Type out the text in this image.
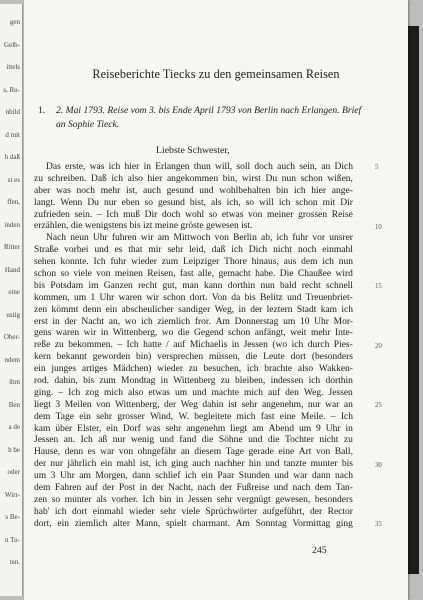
gen
Gelb-
ittels
s, Ru-
nbild
d mit
h daß
st es
ffen,
inden
Ritter
Hand
eine
ustig
Ober-
ndem
ihm
Ben
a de
h be
oder
Wirr-
s Be-
n Tu-
ten.
Reiseberichte Tiecks zu den gemeinsamen Reisen
1. 2. Mai 1793. Reise vom 3. bis Ende April 1793 von Berlin nach Erlangen. Brief
an Sophie Tieck.
Liebste Schwester,
Das erste, was ich hier in Erlangen thun will, soll doch auch sein, an Dich
zu schreiben. Daß ich also hier angekommen bin, wirst Du nun schon wißen,
aber was noch mehr ist, auch gesund und wohlbehalten bin ich hier ange-
langt. Wenn Du nur eben so gesund bist, als ich, so will ich schon mit Dir
zufrieden sein. – Ich muß Dir doch wohl so etwas von meiner grossen Reise
erzählen, die wenigstens bis izt meine gröste gewesen ist.
Nach neun Uhr fuhren wir am Mittwoch von Berlin ab, ich fuhr vor unsrer
Straße vorbei und es that mir sehr leid, daß ich Dich nicht noch einmahl
sehen konnte. Ich fuhr wieder zum Leipziger Thore hinaus, aus dem ich nun
schon so viele von meinen Reisen, fast alle, gemacht habe. Die Chaußee wird
bis Potsdam im Ganzen recht gut, man kann dorthin nun bald recht schnell
kommen, um 1 Uhr waren wir schon dort. Von da bis Belitz und Treuenbriet-
zen kömmt denn ein abscheulicher sandiger Weg, in der leztern Stadt kam ich
erst in der Nacht an, wo ich ziemlich fror. Am Donnerstag um 10 Uhr Mor-
gens waren wir in Wittenberg, wo die Gegend schon anfängt, weit mehr Inte-
reße zu bekommen. – Ich hatte / auf Michaelis in Jessen (wo ich durch Pies-
kern bekannt geworden bin) versprechen müssen, die Leute dort (besonders
ein junges artiges Mädchen) wieder zu besuchen, ich brachte also Wakken-
rod. dahin, bis zum Mondtag in Wittenberg zu bleiben, indessen ich dorthin
ging. – Ich zog mich also etwas um und machte mich auf den Weg. Jessen
liegt 3 Meilen von Wittenberg, der Weg dahin ist sehr angenehm, nur war an
dem Tage ein sehr grosser Wind, W. begleitete mich fast eine Meile. – Ich
kam über Elster, ein Dorf was sehr angenehm liegt am Abend um 9 Uhr in
Jessen an. Ich aß nur wenig und fand die Söhne und die Tochter nicht zu
Hause, denn es war von ohngefähr an diesem Tage gerade eine Art von Ball,
der nur jährlich ein mahl ist, ich ging auch nachher hin und tanzte munter bis
um 3 Uhr am Morgen, dann schlief ich ein Paar Stunden und war dann nach
dem Fahren auf der Post in der Nacht, nach der Fußreise und nach dem Tan-
zen so munter als vorher. Ich bin in Jessen sehr vergnügt gewesen, besonders
hab' ich dort einmahl wieder sehr viele Sprüchwörter aufgeführt, der Rector
dort, ein ziemlich alter Mann, spielt charmant. Am Sonntag Vormittag ging
5
10
15
20
25
30
35
245
